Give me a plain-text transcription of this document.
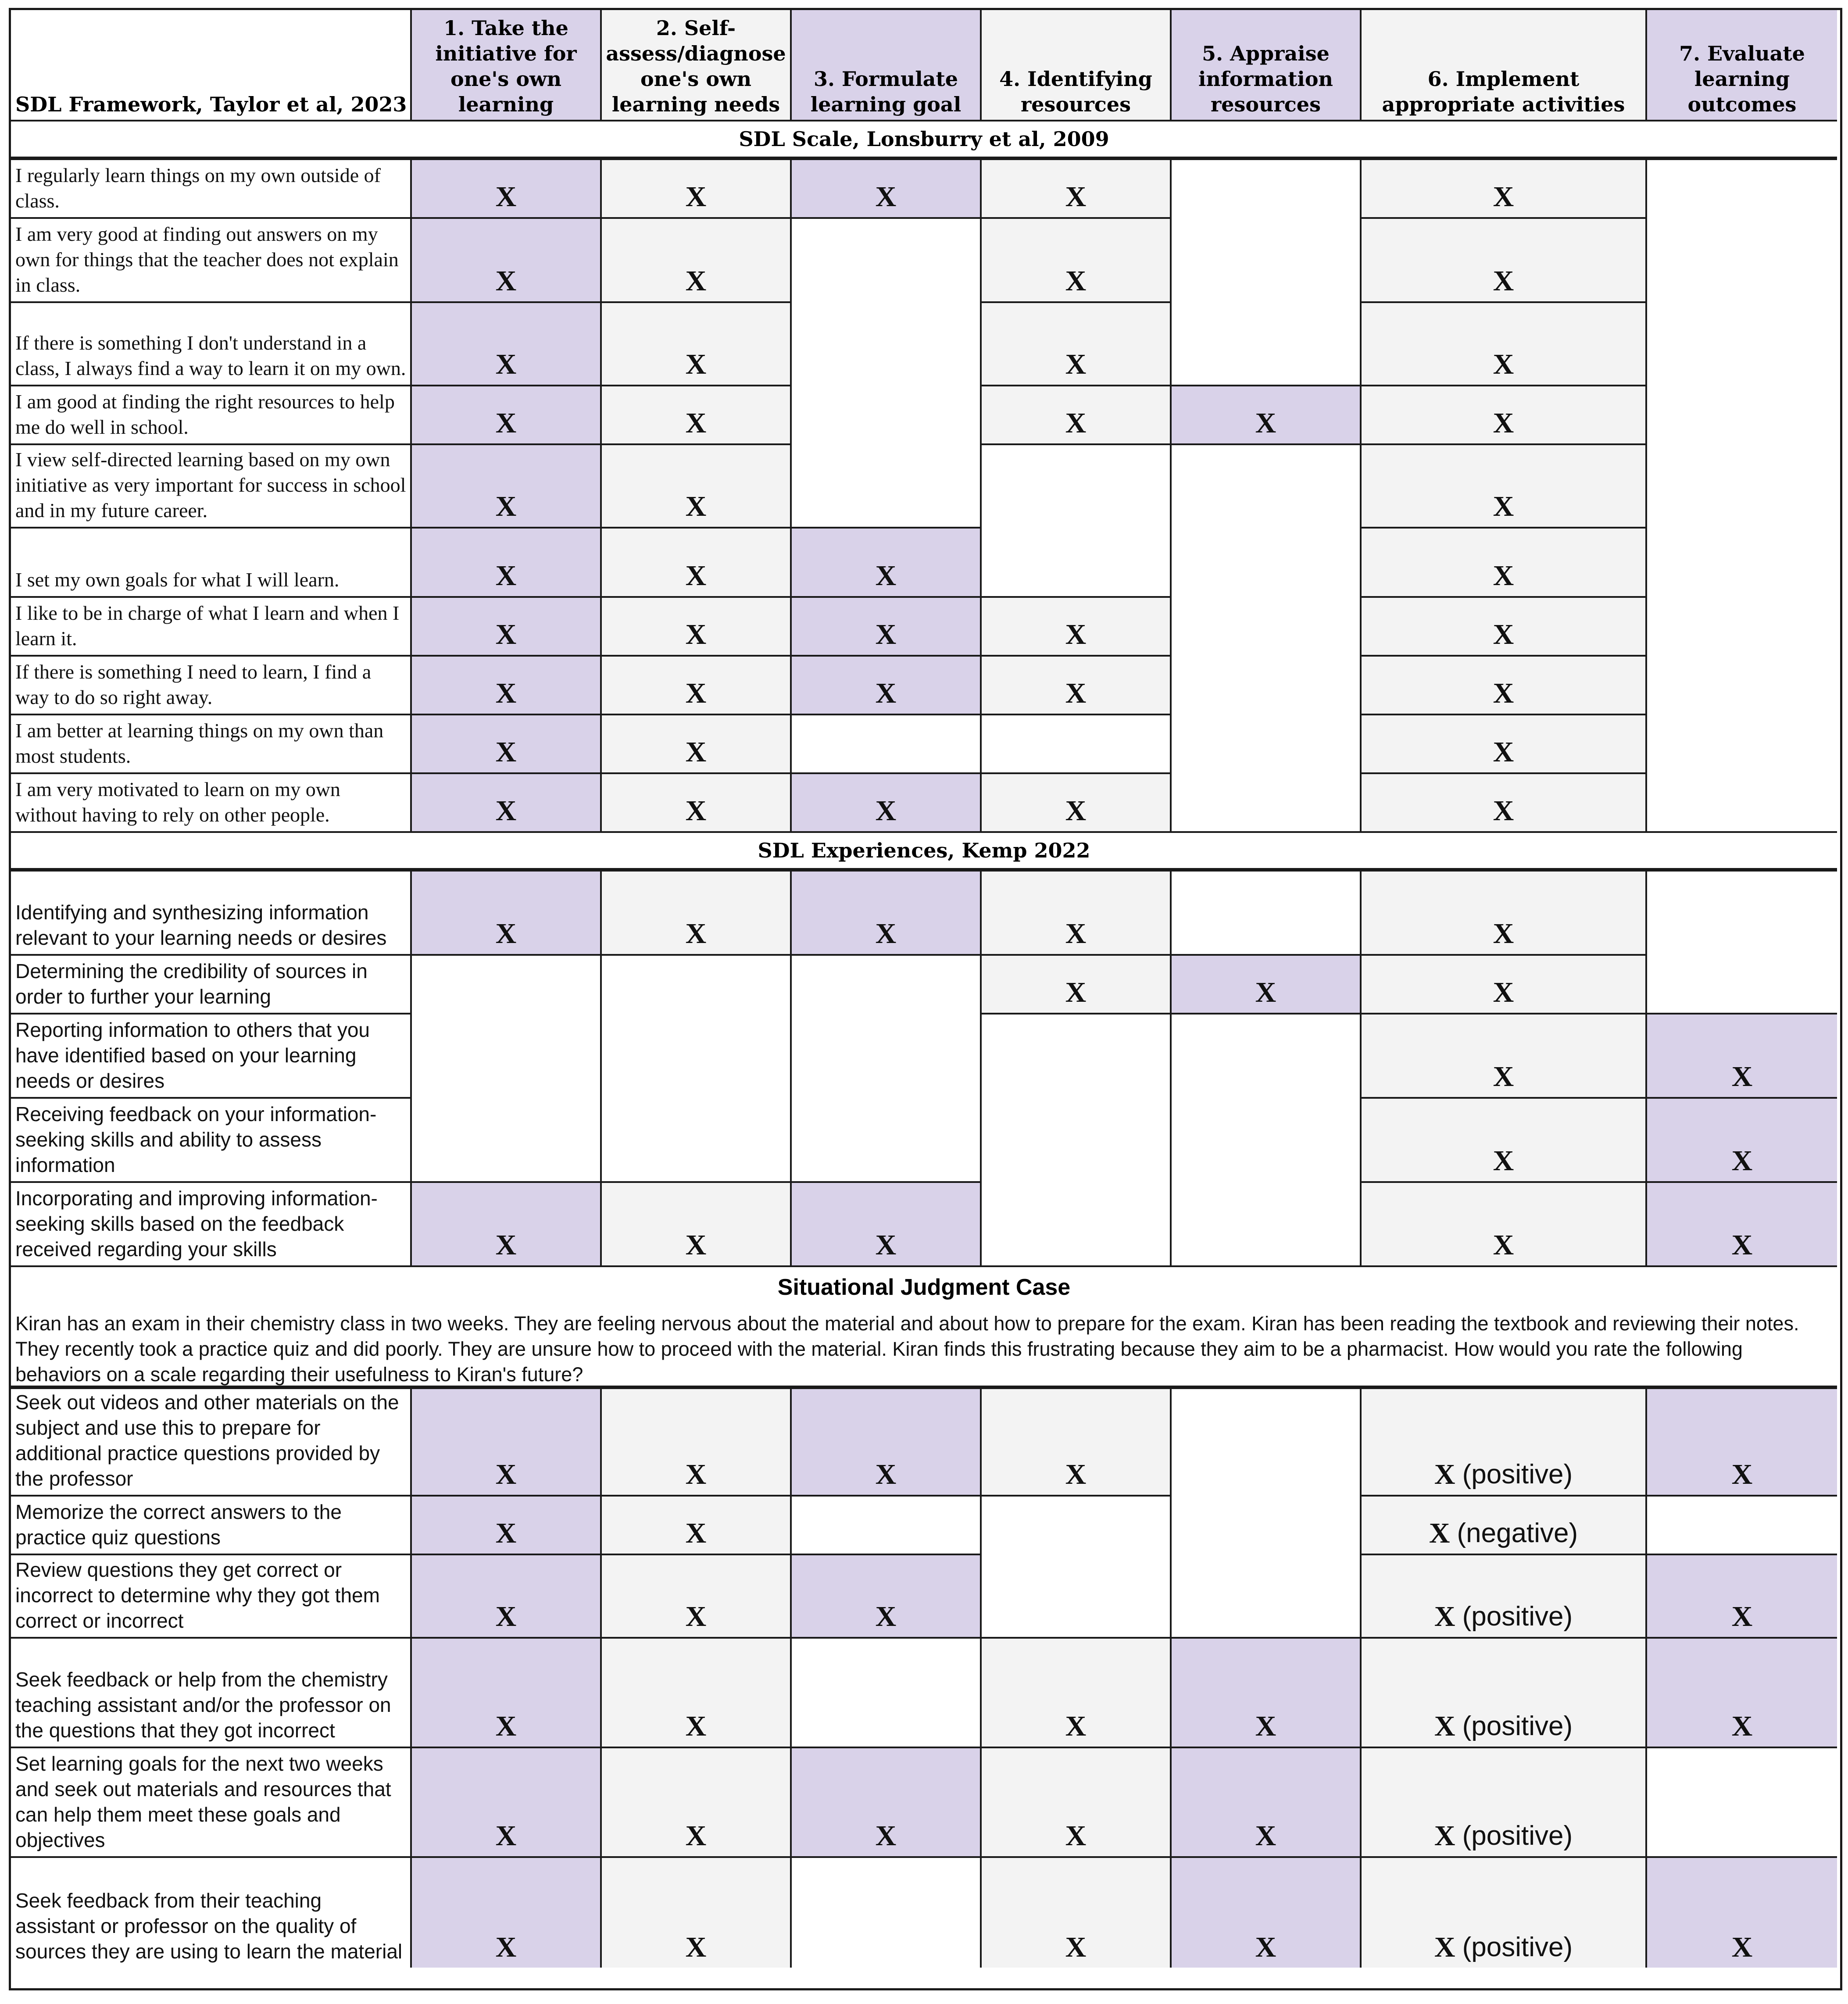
SDL Framework, Taylor et al, 2023
1. Take the initiative for one's own learning
2. Self-assess/diagnose one's own learning needs
3. Formulate learning goal
4. Identifying resources
5. Appraise information resources
6. Implement appropriate activities
7. Evaluate learning outcomes
SDL Scale, Lonsburry et al, 2009
I regularly learn things on my own outside of class.
I am very good at finding out answers on my own for things that the teacher does not explain in class.
If there is something I don't understand in a class, I always find a way to learn it on my own.
I am good at finding the right resources to help me do well in school.
I view self-directed learning based on my own initiative as very important for success in school and in my future career.
I set my own goals for what I will learn.
I like to be in charge of what I learn and when I learn it.
If there is something I need to learn, I find a way to do so right away.
I am better at learning things on my own than most students.
I am very motivated to learn on my own without having to rely on other people.
X
X
X
X
X
X
X
X
X
X
X
X
X
X
X
X
X
X
X
X
X
X
X
X
X
X
X
X
X
X
X
X
X
X
X
X
X
X
X
X
X
X
X
SDL Experiences, Kemp 2022
Identifying and synthesizing information relevant to your learning needs or desires
Determining the credibility of sources in order to further your learning
Reporting information to others that you have identified based on your learning needs or desires
Receiving feedback on your information-seeking skills and ability to assess information
Incorporating and improving information-seeking skills based on the feedback received regarding your skills
X
X
X
X
X
X
X
X	X
X
X
X
X
X
X
X
X
Situational Judgment Case
Kiran has an exam in their chemistry class in two weeks. They are feeling nervous about the material and about how to prepare for the exam. Kiran has been reading the textbook and reviewing their notes. They recently took a practice quiz and did poorly. They are unsure how to proceed with the material. Kiran finds this frustrating because they aim to be a pharmacist. How would you rate the following behaviors on a scale regarding their usefulness to Kiran's future?
Seek out videos and other materials on the subject and use this to prepare for additional practice questions provided by the professor
Memorize the correct answers to the practice quiz questions
Review questions they get correct or incorrect to determine why they got them correct or incorrect
Seek feedback or help from the chemistry teaching assistant and/or the professor on the questions that they got incorrect
Set learning goals for the next two weeks and seek out materials and resources that can help them meet these goals and objectives
Seek feedback from their teaching assistant or professor on the quality of sources they are using to learn the material
X
X
X
X
X
X
X
X
X
X
X
X
X
X
X
X
X
X
X
X
X
X
X (positive)
X (negative)
X (positive)
X (positive)
X (positive)
X (positive)
X
X
X
X
